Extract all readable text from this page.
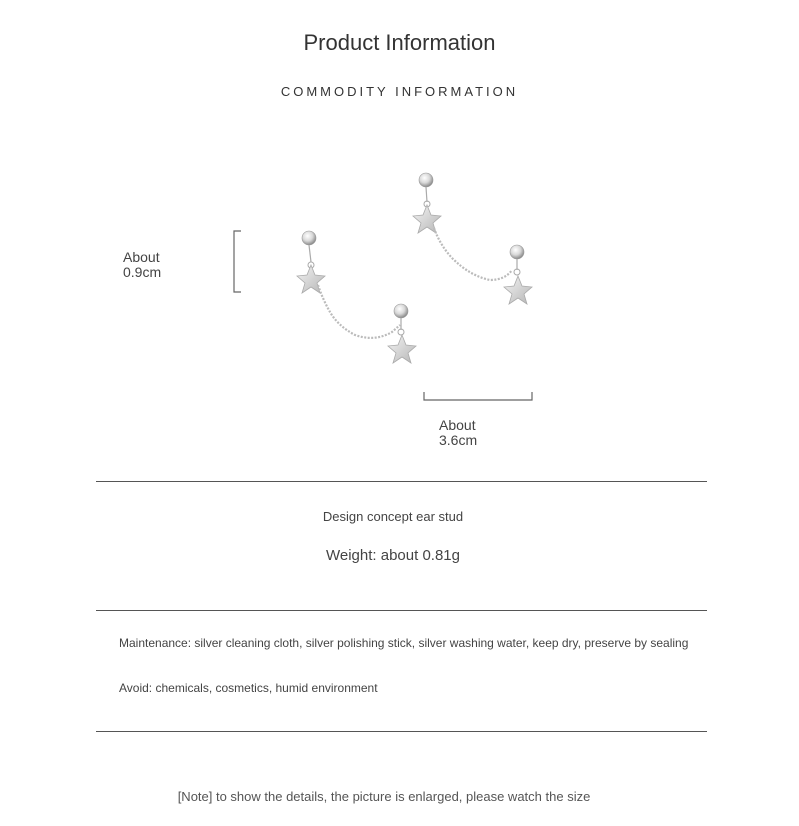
Product Information
COMMODITY INFORMATION
About
0.9cm
About
3.6cm
Design concept ear stud
Weight: about 0.81g
Maintenance: silver cleaning cloth, silver polishing stick, silver washing water, keep dry, preserve by sealing
Avoid: chemicals, cosmetics, humid environment
[Note] to show the details, the picture is enlarged, please watch the size
